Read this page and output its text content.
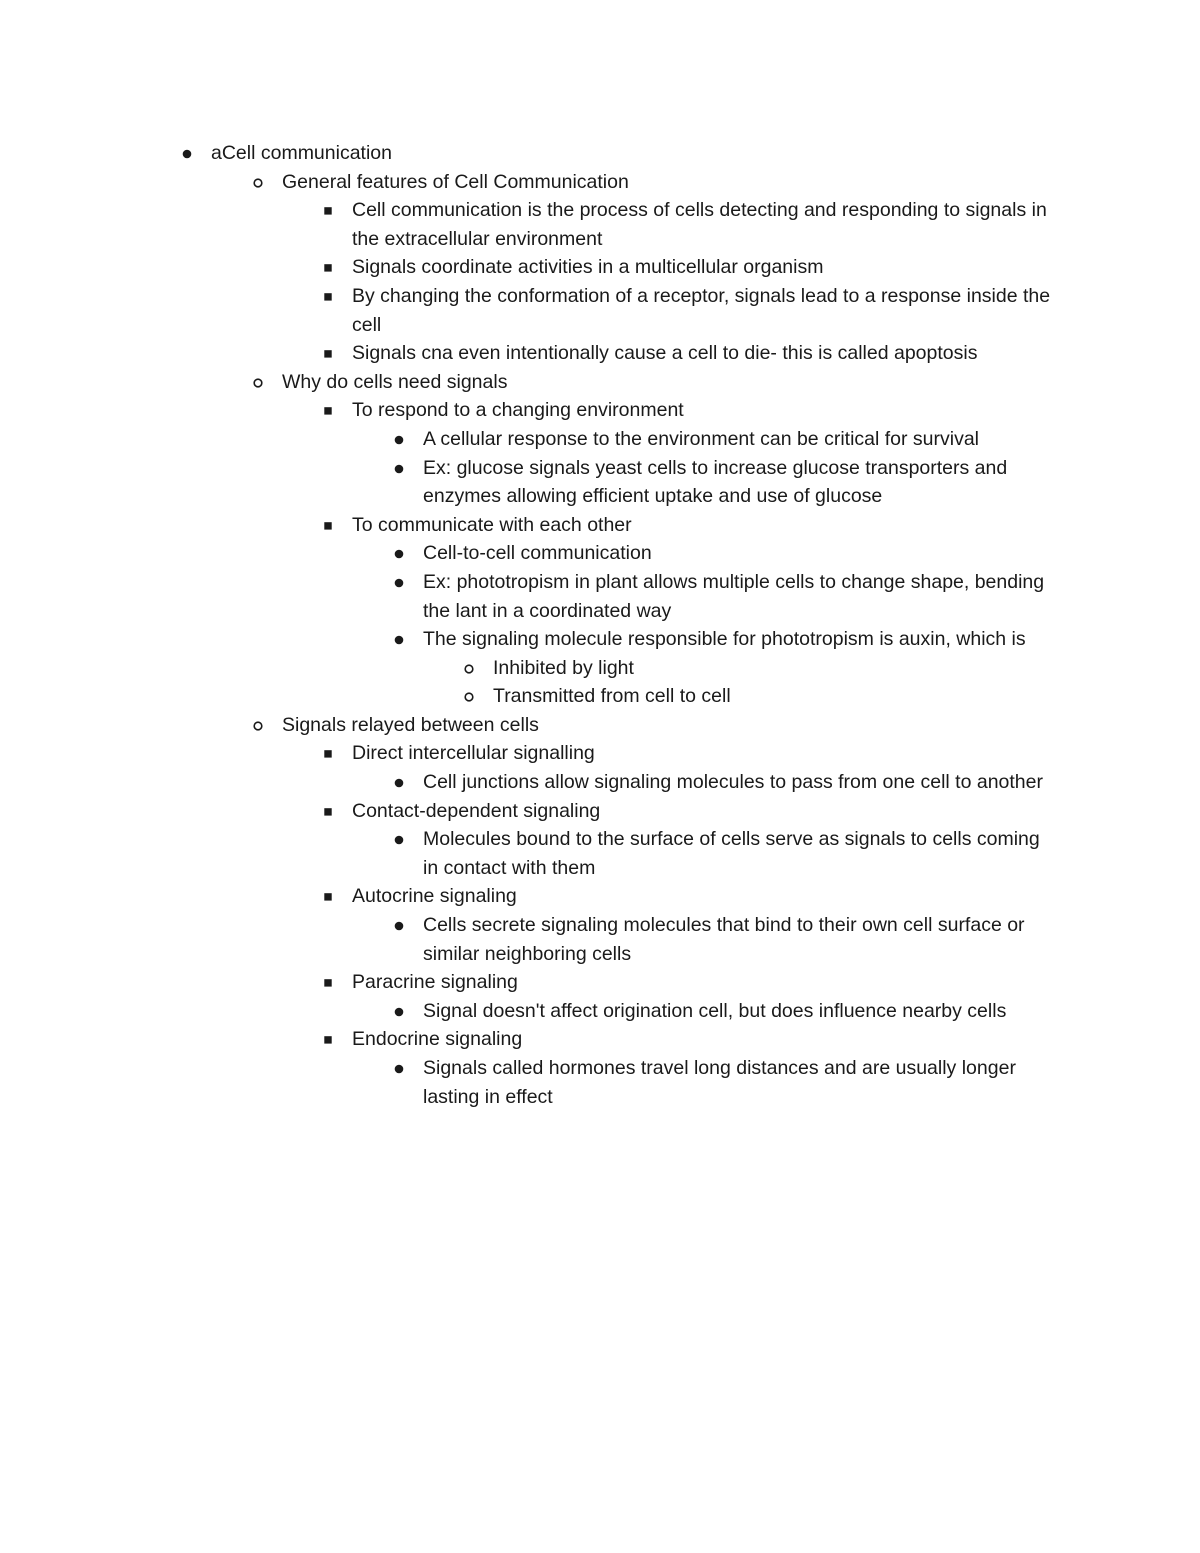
aCell communication
General features of Cell Communication
Cell communication is the process of cells detecting and responding to signals in the extracellular environment
Signals coordinate activities in a multicellular organism
By changing the conformation of a receptor, signals lead to a response inside the cell
Signals cna even intentionally cause a cell to die- this is called apoptosis
Why do cells need signals
To respond to a changing environment
A cellular response to the environment can be critical for survival
Ex: glucose signals yeast cells to increase glucose transporters and enzymes allowing efficient uptake and use of glucose
To communicate with each other
Cell-to-cell communication
Ex: phototropism in plant allows multiple cells to change shape, bending the lant in a coordinated way
The signaling molecule responsible for phototropism is auxin, which is
Inhibited by light
Transmitted from cell to cell
Signals relayed between cells
Direct intercellular signalling
Cell junctions allow signaling molecules to pass from one cell to another
Contact-dependent signaling
Molecules bound to the surface of cells serve as signals to cells coming in contact with them
Autocrine signaling
Cells secrete signaling molecules that bind to their own cell surface or similar neighboring cells
Paracrine signaling
Signal doesn't affect origination cell, but does influence nearby cells
Endocrine signaling
Signals called hormones travel long distances and are usually longer lasting in effect
